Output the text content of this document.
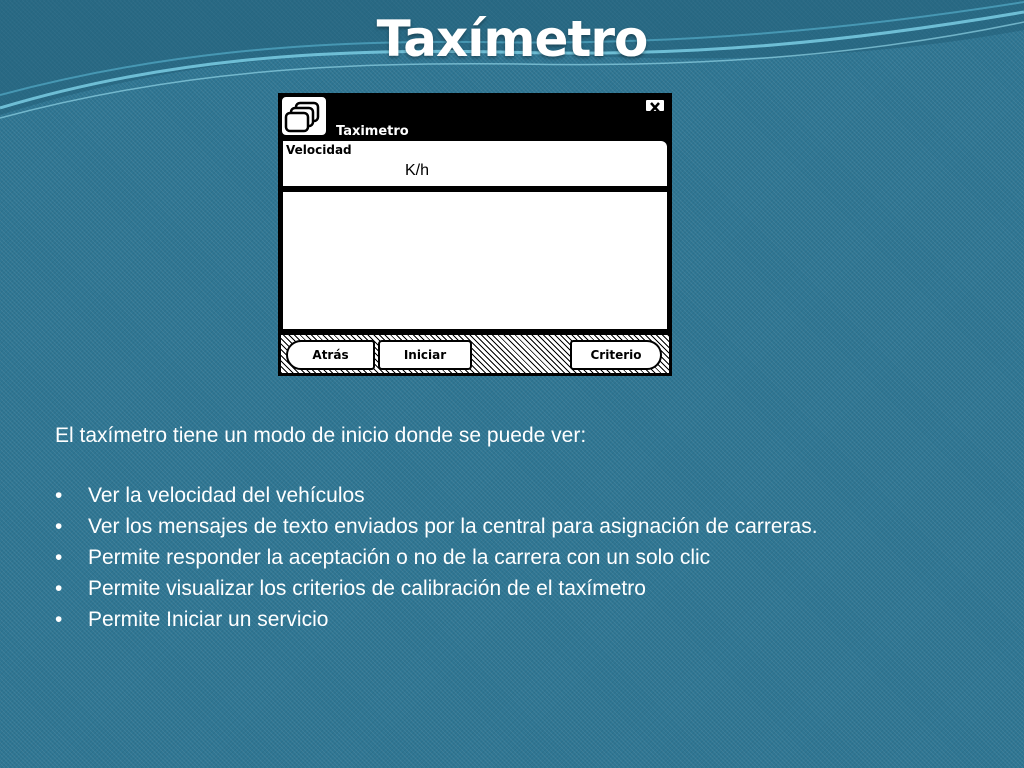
Taxímetro
Taximetro
Velocidad
K/h
Atrás	Iniciar	Criterio

El taxímetro tiene un modo de inicio donde se puede ver:

• Ver la velocidad del vehículos
• Ver los mensajes de texto enviados por la central para asignación de carreras.
• Permite responder la aceptación o no de la carrera con un solo clic
• Permite visualizar los criterios de calibración de el taxímetro
• Permite Iniciar un servicio
